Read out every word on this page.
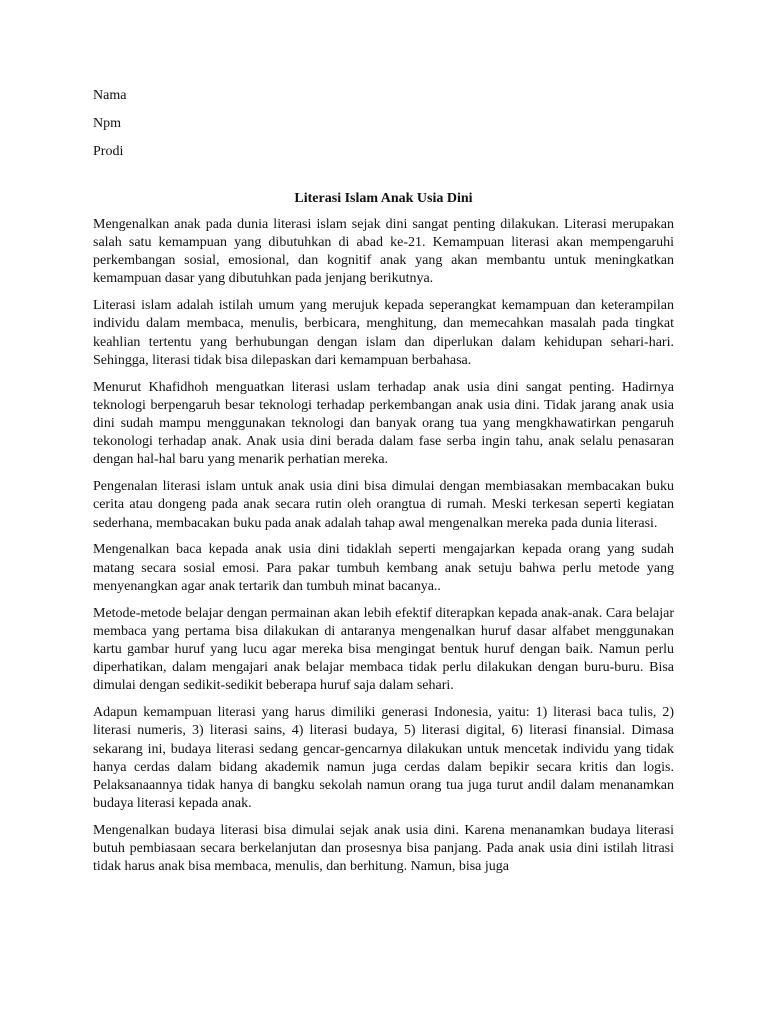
Nama
Npm
Prodi
Literasi Islam Anak Usia Dini
Mengenalkan anak pada dunia literasi islam sejak dini sangat penting dilakukan. Literasi merupakan salah satu kemampuan yang dibutuhkan di abad ke-21. Kemampuan literasi akan mempengaruhi perkembangan sosial, emosional, dan kognitif anak yang akan membantu untuk meningkatkan kemampuan dasar yang dibutuhkan pada jenjang berikutnya.
Literasi islam adalah istilah umum yang merujuk kepada seperangkat kemampuan dan keterampilan individu dalam membaca, menulis, berbicara, menghitung, dan memecahkan masalah pada tingkat keahlian tertentu yang berhubungan dengan islam dan diperlukan dalam kehidupan sehari-hari. Sehingga, literasi tidak bisa dilepaskan dari kemampuan berbahasa.
Menurut Khafidhoh menguatkan literasi uslam terhadap anak usia dini sangat penting. Hadirnya teknologi berpengaruh besar teknologi terhadap perkembangan anak usia dini. Tidak jarang anak usia dini sudah mampu menggunakan teknologi dan banyak orang tua yang mengkhawatirkan pengaruh tekonologi terhadap anak. Anak usia dini berada dalam fase serba ingin tahu, anak selalu penasaran dengan hal-hal baru yang menarik perhatian mereka.
Pengenalan literasi islam untuk anak usia dini bisa dimulai dengan membiasakan membacakan buku cerita atau dongeng pada anak secara rutin oleh orangtua di rumah. Meski terkesan seperti kegiatan sederhana, membacakan buku pada anak adalah tahap awal mengenalkan mereka pada dunia literasi.
Mengenalkan baca kepada anak usia dini tidaklah seperti mengajarkan kepada orang yang sudah matang secara sosial emosi. Para pakar tumbuh kembang anak setuju bahwa perlu metode yang menyenangkan agar anak tertarik dan tumbuh minat bacanya..
Metode-metode belajar dengan permainan akan lebih efektif diterapkan kepada anak-anak. Cara belajar membaca yang pertama bisa dilakukan di antaranya mengenalkan huruf dasar alfabet menggunakan kartu gambar huruf yang lucu agar mereka bisa mengingat bentuk huruf dengan baik. Namun perlu diperhatikan, dalam mengajari anak belajar membaca tidak perlu dilakukan dengan buru-buru. Bisa dimulai dengan sedikit-sedikit beberapa huruf saja dalam sehari.
Adapun kemampuan literasi yang harus dimiliki generasi Indonesia, yaitu: 1) literasi baca tulis, 2) literasi numeris, 3) literasi sains, 4) literasi budaya, 5) literasi digital, 6) literasi finansial. Dimasa sekarang ini, budaya literasi sedang gencar-gencarnya dilakukan untuk mencetak individu yang tidak hanya cerdas dalam bidang akademik namun juga cerdas dalam bepikir secara kritis dan logis. Pelaksanaannya tidak hanya di bangku sekolah namun orang tua juga turut andil dalam menanamkan budaya literasi kepada anak.
Mengenalkan budaya literasi bisa dimulai sejak anak usia dini. Karena menanamkan budaya literasi butuh pembiasaan secara berkelanjutan dan prosesnya bisa panjang. Pada anak usia dini istilah litrasi tidak harus anak bisa membaca, menulis, dan berhitung. Namun, bisa juga
